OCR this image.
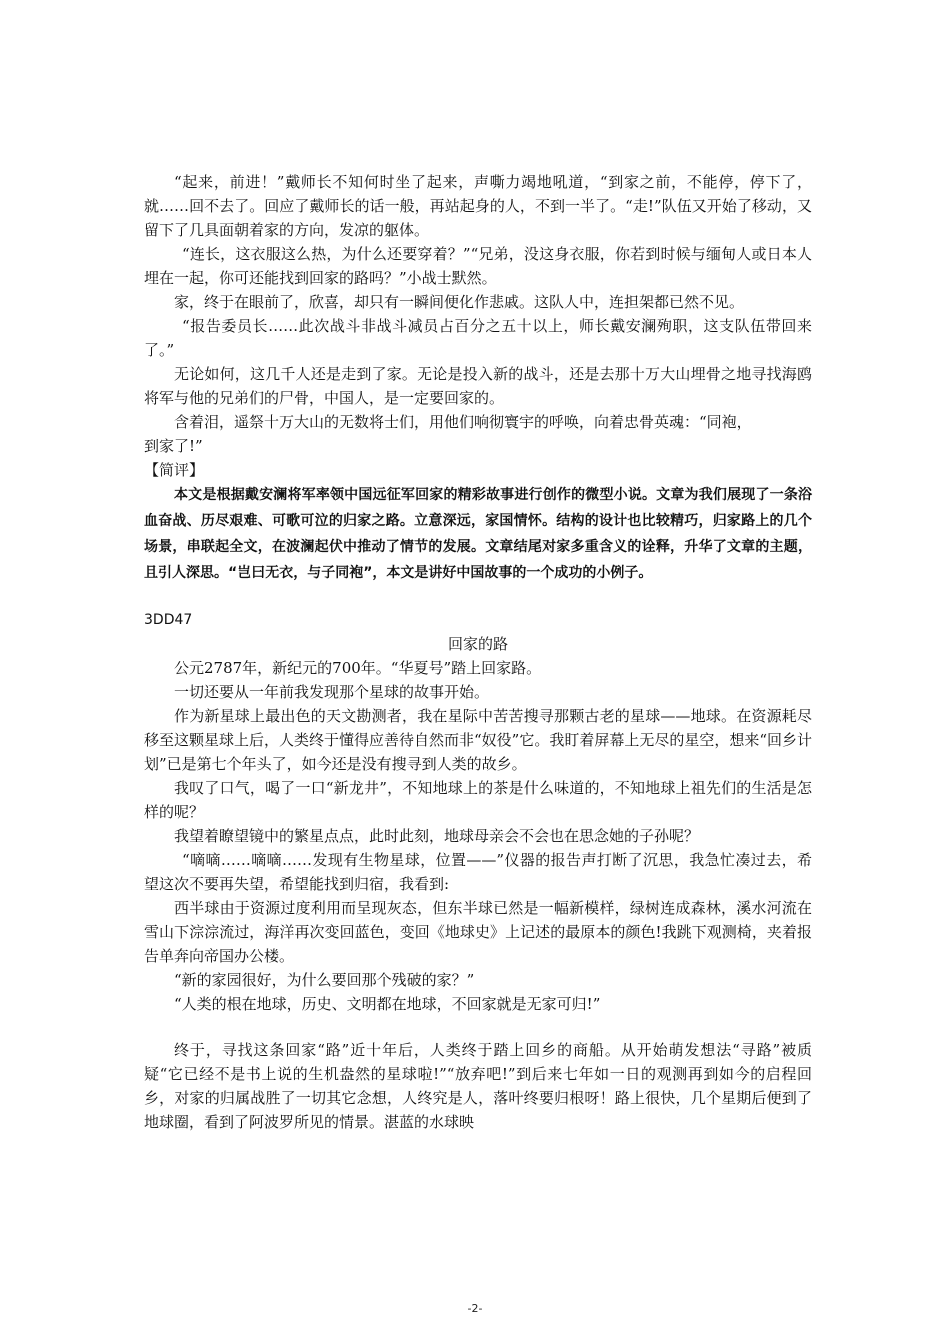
“起来，前进！”戴师长不知何时坐了起来，声嘶力竭地吼道，“到家之前，不能停，停下了，就……回不去了。回应了戴师长的话一般，再站起身的人，不到一半了。“走!”队伍又开始了移动，又留下了几具面朝着家的方向，发凉的躯体。

“连长，这衣服这么热，为什么还要穿着？”“兄弟，没这身衣服，你若到时候与缅甸人或日本人埋在一起，你可还能找到回家的路吗？”小战士默然。

家，终于在眼前了，欣喜，却只有一瞬间便化作悲戚。这队人中，连担架都已然不见。

“报告委员长……此次战斗非战斗减员占百分之五十以上，师长戴安澜殉职，这支队伍带回来了。”

无论如何，这几千人还是走到了家。无论是投入新的战斗，还是去那十万大山埋骨之地寻找海鸥将军与他的兄弟们的尸骨，中国人，是一定要回家的。

含着泪，遥祭十万大山的无数将士们，用他们响彻寰宇的呼唤，向着忠骨英魂：“同袍，

到家了!”

【简评】

本文是根据戴安澜将军率领中国远征军回家的精彩故事进行创作的微型小说。文章为我们展现了一条浴血奋战、历尽艰难、可歌可泣的归家之路。立意深远，家国情怀。结构的设计也比较精巧，归家路上的几个场景，串联起全文，在波澜起伏中推动了情节的发展。文章结尾对家多重含义的诠释，升华了文章的主题，且引人深思。“岂曰无衣，与子同袍”，本文是讲好中国故事的一个成功的小例子。

3DD47

回家的路

公元2787年，新纪元的700年。“华夏号”踏上回家路。

一切还要从一年前我发现那个星球的故事开始。

作为新星球上最出色的天文勘测者，我在星际中苦苦搜寻那颗古老的星球——地球。在资源耗尽移至这颗星球上后，人类终于懂得应善待自然而非“奴役”它。我盯着屏幕上无尽的星空，想来“回乡计划”已是第七个年头了，如今还是没有搜寻到人类的故乡。

我叹了口气，喝了一口“新龙井”，不知地球上的茶是什么味道的，不知地球上祖先们的生活是怎样的呢？

我望着瞭望镜中的繁星点点，此时此刻，地球母亲会不会也在思念她的子孙呢？

“嘀嘀……嘀嘀……发现有生物星球，位置——”仪器的报告声打断了沉思，我急忙凑过去，希望这次不要再失望，希望能找到归宿，我看到:

西半球由于资源过度利用而呈现灰态，但东半球已然是一幅新模样，绿树连成森林，溪水河流在雪山下淙淙流过，海洋再次变回蓝色，变回《地球史》上记述的最原本的颜色!我跳下观测椅，夹着报告单奔向帝国办公楼。

“新的家园很好，为什么要回那个残破的家？”

“人类的根在地球，历史、文明都在地球，不回家就是无家可归!”

终于，寻找这条回家“路”近十年后，人类终于踏上回乡的商船。从开始萌发想法“寻路”被质疑“它已经不是书上说的生机盎然的星球啦!”“放弃吧!”到后来七年如一日的观测再到如今的启程回乡，对家的归属战胜了一切其它念想，人终究是人，落叶终要归根呀！路上很快，几个星期后便到了地球圈，看到了阿波罗所见的情景。湛蓝的水球映

-2-
